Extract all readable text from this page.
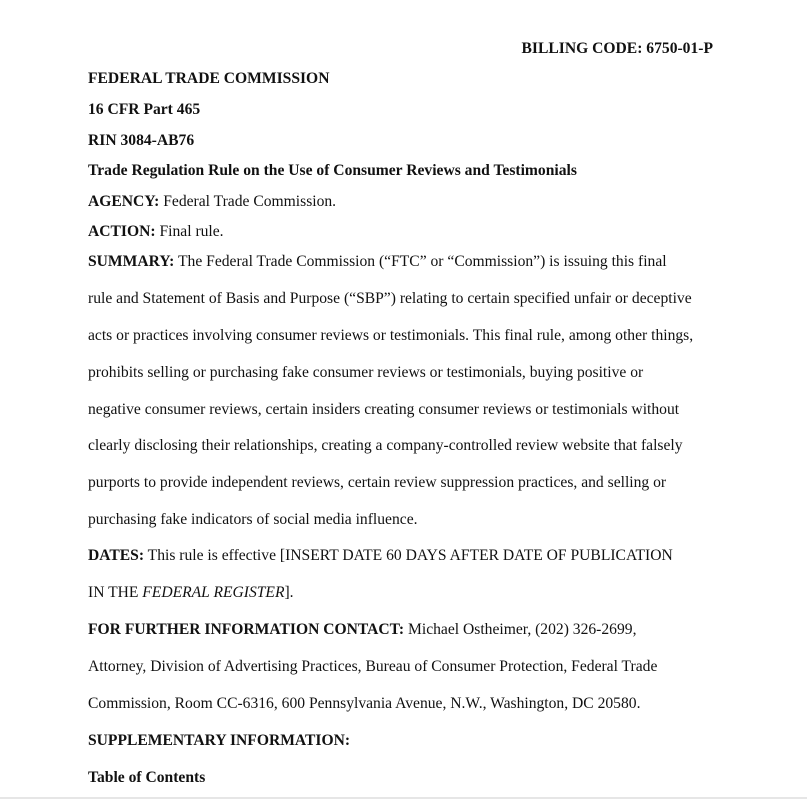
BILLING CODE: 6750-01-P
FEDERAL TRADE COMMISSION
16 CFR Part 465
RIN 3084-AB76
Trade Regulation Rule on the Use of Consumer Reviews and Testimonials
AGENCY: Federal Trade Commission.
ACTION: Final rule.
SUMMARY: The Federal Trade Commission (“FTC” or “Commission”) is issuing this final
rule and Statement of Basis and Purpose (“SBP”) relating to certain specified unfair or deceptive
acts or practices involving consumer reviews or testimonials. This final rule, among other things,
prohibits selling or purchasing fake consumer reviews or testimonials, buying positive or
negative consumer reviews, certain insiders creating consumer reviews or testimonials without
clearly disclosing their relationships, creating a company-controlled review website that falsely
purports to provide independent reviews, certain review suppression practices, and selling or
purchasing fake indicators of social media influence.
DATES: This rule is effective [INSERT DATE 60 DAYS AFTER DATE OF PUBLICATION
IN THE FEDERAL REGISTER].
FOR FURTHER INFORMATION CONTACT: Michael Ostheimer, (202) 326-2699,
Attorney, Division of Advertising Practices, Bureau of Consumer Protection, Federal Trade
Commission, Room CC-6316, 600 Pennsylvania Avenue, N.W., Washington, DC 20580.
SUPPLEMENTARY INFORMATION:
Table of Contents
